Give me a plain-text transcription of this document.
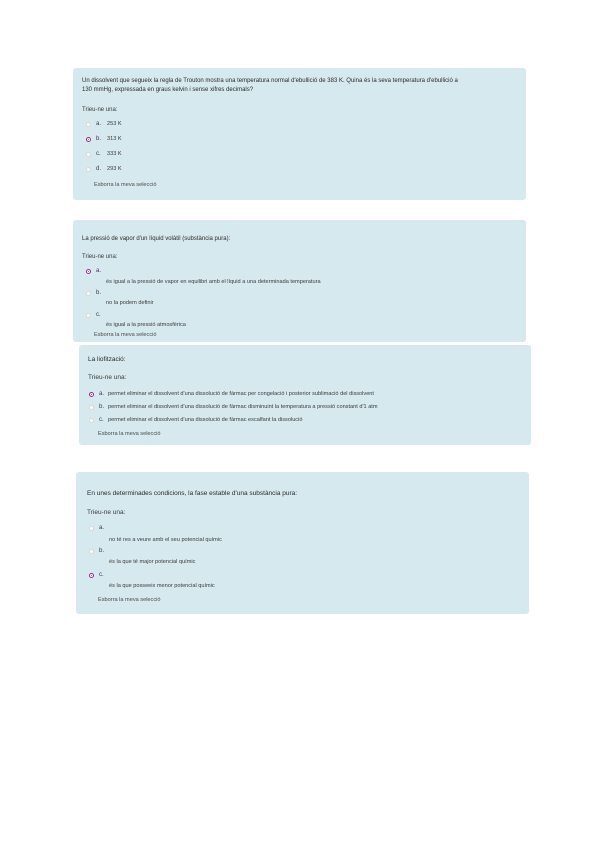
Un dissolvent que segueix la regla de Trouton mostra una temperatura normal d'ebullició de 383 K. Quina és la seva temperatura d'ebullició a
130 mmHg, expressada en graus kelvin i sense xifres decimals?
Trieu-ne una:
a. 253 K
b. 313 K
c. 333 K
d. 293 K
Esborra la meva selecció
La pressió de vapor d'un líquid volàtil (substància pura):
Trieu-ne una:
a.
és igual a la pressió de vapor en equilibri amb el líquid a una determinada temperatura
b.
no la podem definir
c.
és igual a la pressió atmosfèrica
Esborra la meva selecció
La liofització:
Trieu-ne una:
a. permet eliminar el dissolvent d'una dissolució de fàrmac per congelació i posterior sublimació del dissolvent
b. permet eliminar el dissolvent d'una dissolució de fàrmac disminuint la temperatura a pressió constant d'1 atm
c. permet eliminar el dissolvent d'una dissolució de fàrmac escalfant la dissolució
Esborra la meva selecció
En unes determinades condicions, la fase estable d'una substància pura:
Trieu-ne una:
a.
no té res a veure amb el seu potencial químic
b.
és la que té major potencial químic
c.
és la que posseeix menor potencial químic
Esborra la meva selecció
